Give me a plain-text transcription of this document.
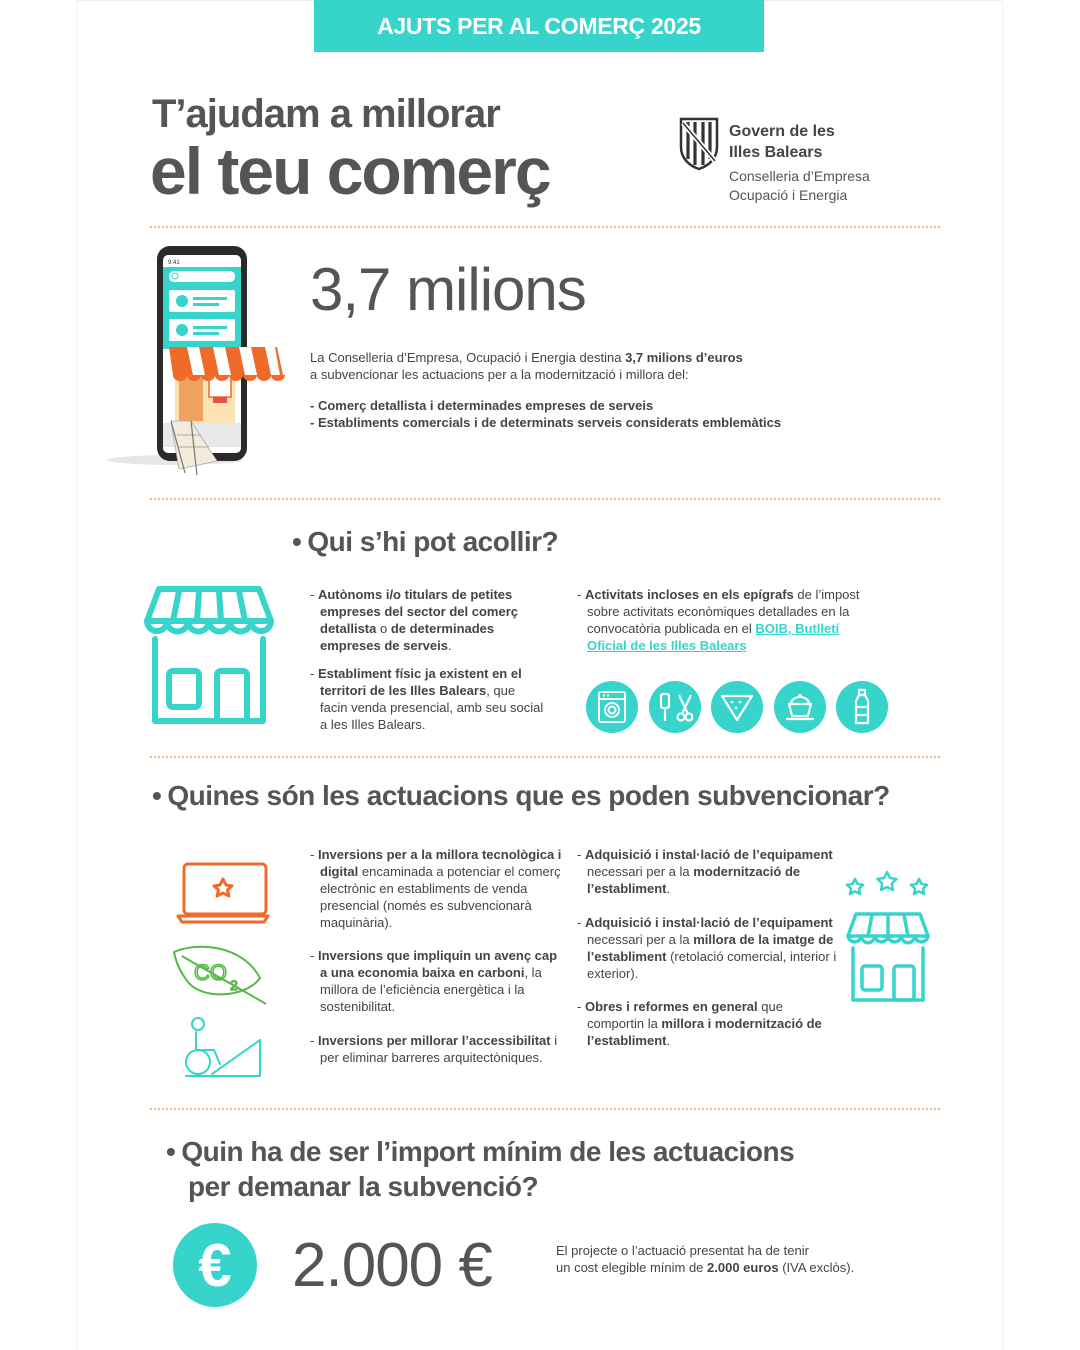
AJUTS PER AL COMERÇ 2025
T’ajudam a millorar
el teu comerç
Govern de les
Illes Balears
Conselleria d’Empresa
Ocupació i Energia
9:41 3,7 milions
La Conselleria d’Empresa, Ocupació i Energia destina 3,7 milions d’euros
a subvencionar les actuacions per a la modernització i millora del:
- Comerç detallista i determinades empreses de serveis
- Establiments comercials i de determinats serveis considerats emblemàtics
• Qui s’hi pot acollir?
- Autònoms i/o titulars de petites empreses del sector del comerç detallista o de determinades empreses de serveis.
- Establiment físic ja existent en el territori de les Illes Balears, que facin venda presencial, amb seu social a les Illes Balears.
- Activitats incloses en els epígrafs de l’impost sobre activitats econòmiques detallades en la convocatòria publicada en el BOIB, Butlletí Oficial de les Illes Balears
• Quines són les actuacions que es poden subvencionar?
CO 2
- Inversions per a la millora tecnològica i digital encaminada a potenciar el comerç electrònic en establiments de venda presencial (només es subvencionarà maquinària).
- Inversions que impliquin un avenç cap a una economia baixa en carboni, la millora de l’eficiència energètica i la sostenibilitat.
- Inversions per millorar l’accessibilitat i per eliminar barreres arquitectòniques.
- Adquisició i instal·lació de l’equipament necessari per a la modernització de l’establiment.
- Adquisició i instal·lació de l’equipament necessari per a la millora de la imatge de l’establiment (retolació comercial, interior i exterior).
- Obres i reformes en general que comportin la millora i modernització de l’establiment.
• Quin ha de ser l’import mínim de les actuacions
per demanar la subvenció?
€ 2.000 €	El projecte o l’actuació presentat ha de tenir
un cost elegible mínim de 2.000 euros (IVA exclòs).
